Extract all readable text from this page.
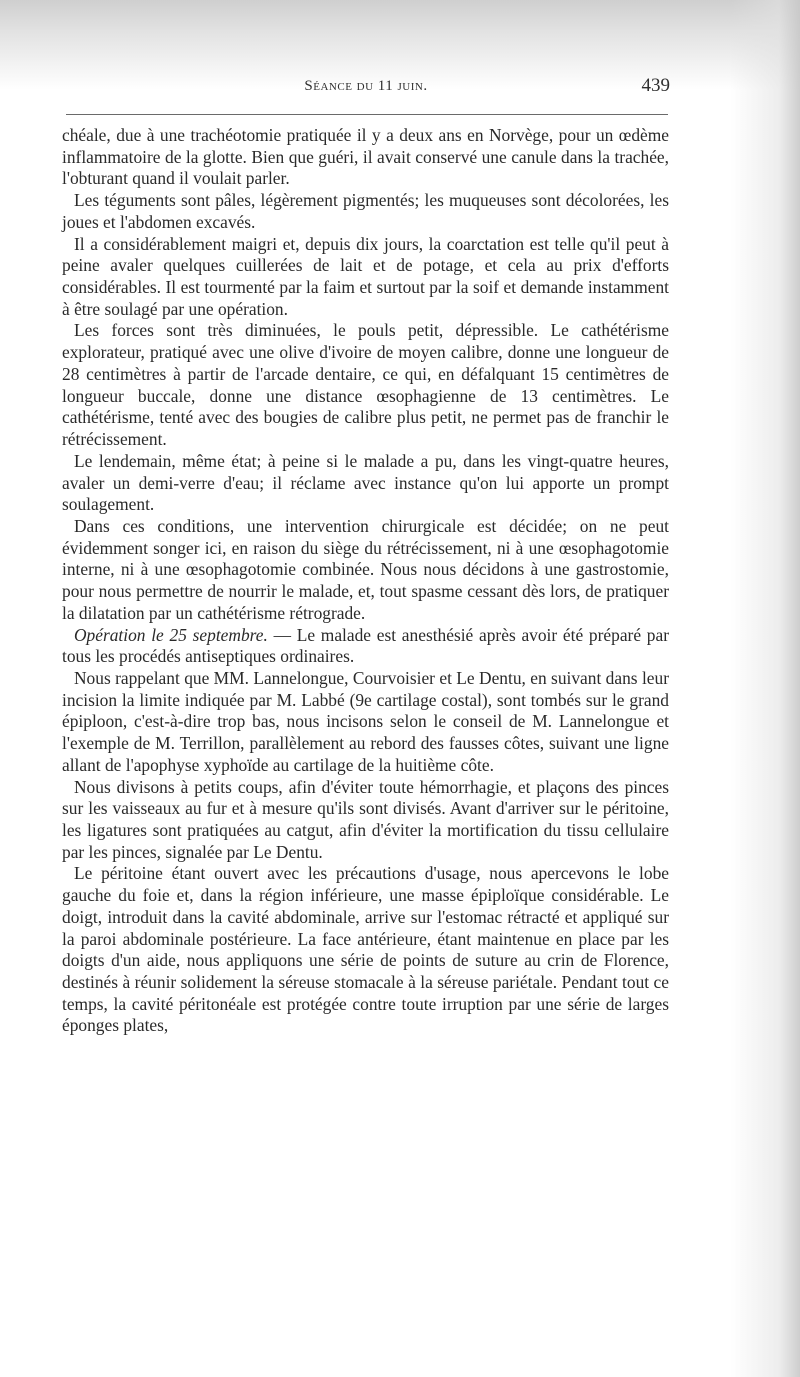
Séance du 11 juin.	439

chéale, due à une trachéotomie pratiquée il y a deux ans en Norvège, pour un œdème inflammatoire de la glotte. Bien que guéri, il avait conservé une canule dans la trachée, l'obturant quand il voulait parler.

Les téguments sont pâles, légèrement pigmentés; les muqueuses sont décolorées, les joues et l'abdomen excavés.

Il a considérablement maigri et, depuis dix jours, la coarctation est telle qu'il peut à peine avaler quelques cuillerées de lait et de potage, et cela au prix d'efforts considérables. Il est tourmenté par la faim et surtout par la soif et demande instamment à être soulagé par une opération.

Les forces sont très diminuées, le pouls petit, dépressible. Le cathétérisme explorateur, pratiqué avec une olive d'ivoire de moyen calibre, donne une longueur de 28 centimètres à partir de l'arcade dentaire, ce qui, en défalquant 15 centimètres de longueur buccale, donne une distance œsophagienne de 13 centimètres. Le cathétérisme, tenté avec des bougies de calibre plus petit, ne permet pas de franchir le rétrécissement.

Le lendemain, même état; à peine si le malade a pu, dans les vingt-quatre heures, avaler un demi-verre d'eau; il réclame avec instance qu'on lui apporte un prompt soulagement.

Dans ces conditions, une intervention chirurgicale est décidée; on ne peut évidemment songer ici, en raison du siège du rétrécissement, ni à une œsophagotomie interne, ni à une œsophagotomie combinée. Nous nous décidons à une gastrostomie, pour nous permettre de nourrir le malade, et, tout spasme cessant dès lors, de pratiquer la dilatation par un cathétérisme rétrograde.

Opération le 25 septembre. — Le malade est anesthésié après avoir été préparé par tous les procédés antiseptiques ordinaires.

Nous rappelant que MM. Lannelongue, Courvoisier et Le Dentu, en suivant dans leur incision la limite indiquée par M. Labbé (9e cartilage costal), sont tombés sur le grand épiploon, c'est-à-dire trop bas, nous incisons selon le conseil de M. Lannelongue et l'exemple de M. Terrillon, parallèlement au rebord des fausses côtes, suivant une ligne allant de l'apophyse xyphoïde au cartilage de la huitième côte.

Nous divisons à petits coups, afin d'éviter toute hémorrhagie, et plaçons des pinces sur les vaisseaux au fur et à mesure qu'ils sont divisés. Avant d'arriver sur le péritoine, les ligatures sont pratiquées au catgut, afin d'éviter la mortification du tissu cellulaire par les pinces, signalée par Le Dentu.

Le péritoine étant ouvert avec les précautions d'usage, nous apercevons le lobe gauche du foie et, dans la région inférieure, une masse épiploïque considérable. Le doigt, introduit dans la cavité abdominale, arrive sur l'estomac rétracté et appliqué sur la paroi abdominale postérieure. La face antérieure, étant maintenue en place par les doigts d'un aide, nous appliquons une série de points de suture au crin de Florence, destinés à réunir solidement la séreuse stomacale à la séreuse pariétale. Pendant tout ce temps, la cavité péritonéale est protégée contre toute irruption par une série de larges éponges plates,
